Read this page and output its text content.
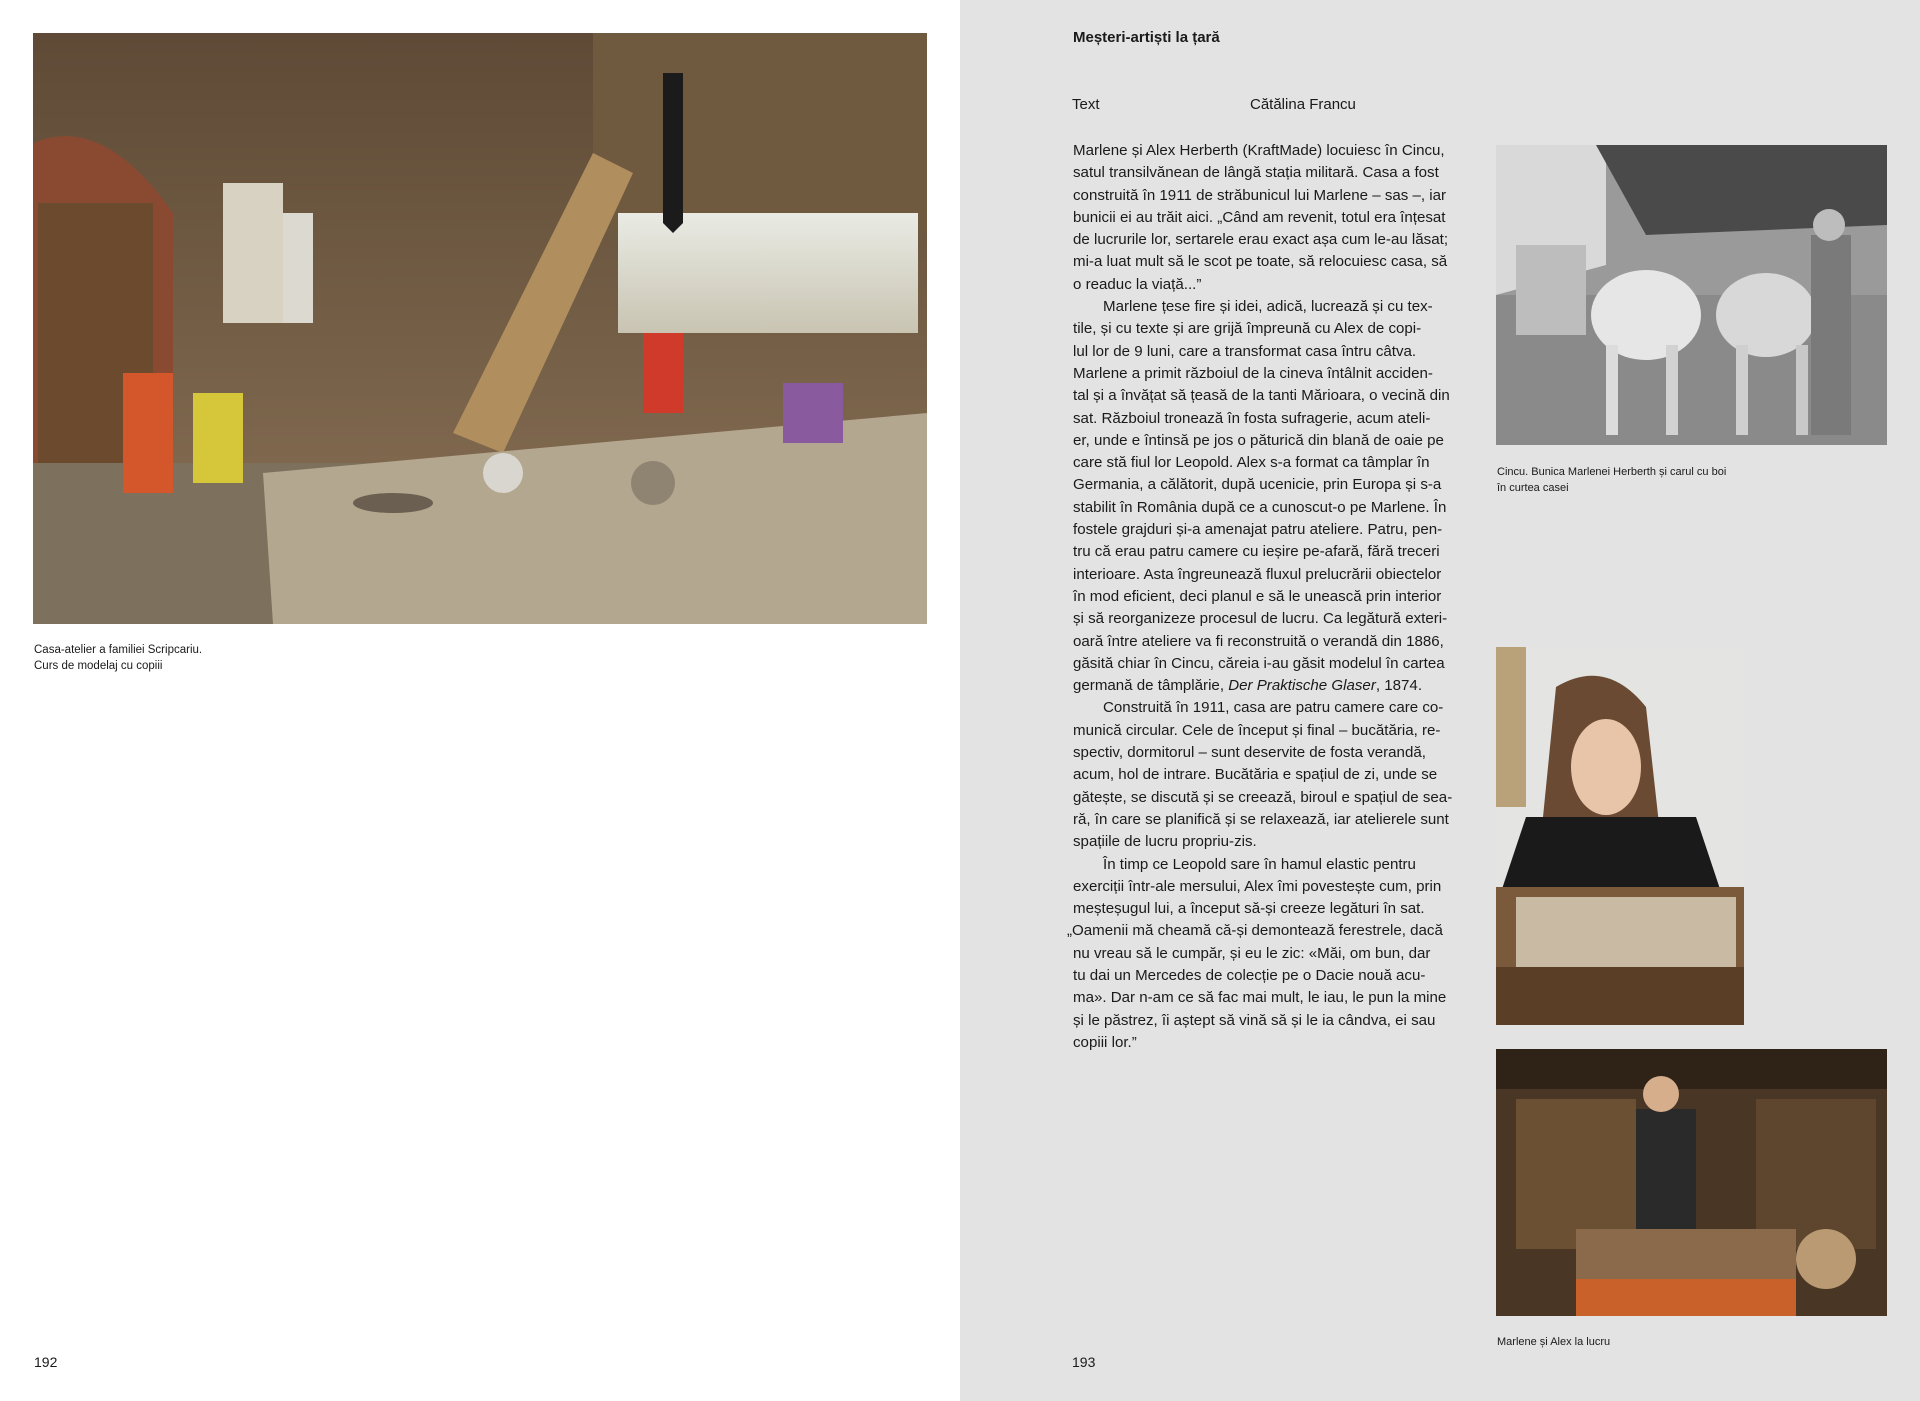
Casa-atelier a familiei Scripcariu.
Curs de modelaj cu copiii
192
Meșteri-artiști la țară
Text	Cătălina Francu

Marlene și Alex Herberth (KraftMade) locuiesc în Cincu,
satul transilvănean de lângă stația militară. Casa a fost
construită în 1911 de străbunicul lui Marlene – sas –, iar
bunicii ei au trăit aici. „Când am revenit, totul era înțesat
de lucrurile lor, sertarele erau exact așa cum le-au lăsat;
mi-a luat mult să le scot pe toate, să relocuiesc casa, să
o readuc la viață...”

Marlene țese fire și idei, adică, lucrează și cu tex-
tile, și cu texte și are grijă împreună cu Alex de copi-
lul lor de 9 luni, care a transformat casa întru câtva.
Marlene a primit războiul de la cineva întâlnit acciden-
tal și a învățat să țeasă de la tanti Mărioara, o vecină din
sat. Războiul tronează în fosta sufragerie, acum ateli-
er, unde e întinsă pe jos o păturică din blană de oaie pe
care stă fiul lor Leopold. Alex s-a format ca tâmplar în
Germania, a călătorit, după ucenicie, prin Europa și s-a
stabilit în România după ce a cunoscut-o pe Marlene. În
fostele grajduri și-a amenajat patru ateliere. Patru, pen-
tru că erau patru camere cu ieșire pe-afară, fără treceri
interioare. Asta îngreunează fluxul prelucrării obiectelor
în mod eficient, deci planul e să le unească prin interior
și să reorganizeze procesul de lucru. Ca legătură exteri-
oară între ateliere va fi reconstruită o verandă din 1886,
găsită chiar în Cincu, căreia i-au găsit modelul în cartea
germană de tâmplărie, Der Praktische Glaser, 1874.

Construită în 1911, casa are patru camere care co-
munică circular. Cele de început și final – bucătăria, re-
spectiv, dormitorul – sunt deservite de fosta verandă,
acum, hol de intrare. Bucătăria e spațiul de zi, unde se
gătește, se discută și se creează, biroul e spațiul de sea-
ră, în care se planifică și se relaxează, iar atelierele sunt
spațiile de lucru propriu-zis.

În timp ce Leopold sare în hamul elastic pentru
exerciții într-ale mersului, Alex îmi povestește cum, prin
meșteșugul lui, a început să-și creeze legături în sat.
„Oamenii mă cheamă că-și demontează ferestrele, dacă
nu vreau să le cumpăr, și eu le zic: «Măi, om bun, dar
tu dai un Mercedes de colecție pe o Dacie nouă acu-
ma». Dar n-am ce să fac mai mult, le iau, le pun la mine
și le păstrez, îi aștept să vină să și le ia cândva, ei sau
copiii lor.”

Cincu. Bunica Marlenei Herberth și carul cu boi
în curtea casei
Marlene și Alex la lucru
193
